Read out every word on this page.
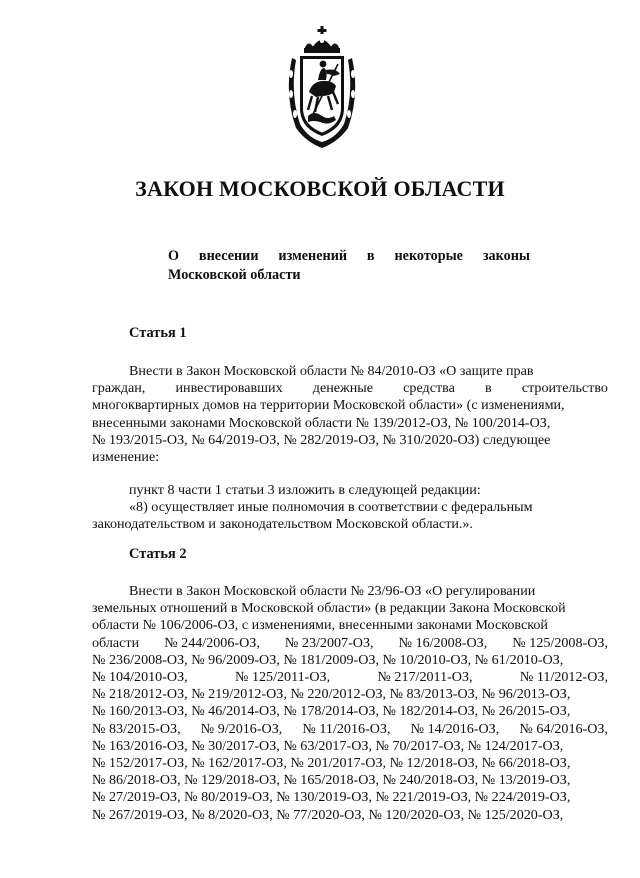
ЗАКОН МОСКОВСКОЙ ОБЛАСТИ
О внесении изменений в некоторые законы
Московской области
Статья 1
Внести в Закон Московской области № 84/2010-ОЗ «О защите прав
граждан, инвестировавших денежные средства в строительство
многоквартирных домов на территории Московской области» (с изменениями,
внесенными законами Московской области № 139/2012-ОЗ, № 100/2014-ОЗ,
№ 193/2015-ОЗ, № 64/2019-ОЗ, № 282/2019-ОЗ, № 310/2020-ОЗ) следующее
изменение:
пункт 8 части 1 статьи 3 изложить в следующей редакции:
«8) осуществляет иные полномочия в соответствии с федеральным
законодательством и законодательством Московской области.».
Статья 2
Внести в Закон Московской области № 23/96-ОЗ «О регулировании
земельных отношений в Московской области» (в редакции Закона Московской
области № 106/2006-ОЗ, с изменениями, внесенными законами Московской
области № 244/2006-ОЗ, № 23/2007-ОЗ, № 16/2008-ОЗ, № 125/2008-ОЗ,
№ 236/2008-ОЗ, № 96/2009-ОЗ, № 181/2009-ОЗ, № 10/2010-ОЗ, № 61/2010-ОЗ,
№ 104/2010-ОЗ,	№ 125/2011-ОЗ,	№ 217/2011-ОЗ,	№ 11/2012-ОЗ,
№ 218/2012-ОЗ, № 219/2012-ОЗ, № 220/2012-ОЗ, № 83/2013-ОЗ, № 96/2013-ОЗ,
№ 160/2013-ОЗ, № 46/2014-ОЗ, № 178/2014-ОЗ, № 182/2014-ОЗ, № 26/2015-ОЗ,
№ 83/2015-ОЗ, № 9/2016-ОЗ, № 11/2016-ОЗ, № 14/2016-ОЗ, № 64/2016-ОЗ,
№ 163/2016-ОЗ, № 30/2017-ОЗ, № 63/2017-ОЗ, № 70/2017-ОЗ, № 124/2017-ОЗ,
№ 152/2017-ОЗ, № 162/2017-ОЗ, № 201/2017-ОЗ, № 12/2018-ОЗ, № 66/2018-ОЗ,
№ 86/2018-ОЗ, № 129/2018-ОЗ, № 165/2018-ОЗ, № 240/2018-ОЗ, № 13/2019-ОЗ,
№ 27/2019-ОЗ, № 80/2019-ОЗ, № 130/2019-ОЗ, № 221/2019-ОЗ, № 224/2019-ОЗ,
№ 267/2019-ОЗ, № 8/2020-ОЗ, № 77/2020-ОЗ, № 120/2020-ОЗ, № 125/2020-ОЗ,
